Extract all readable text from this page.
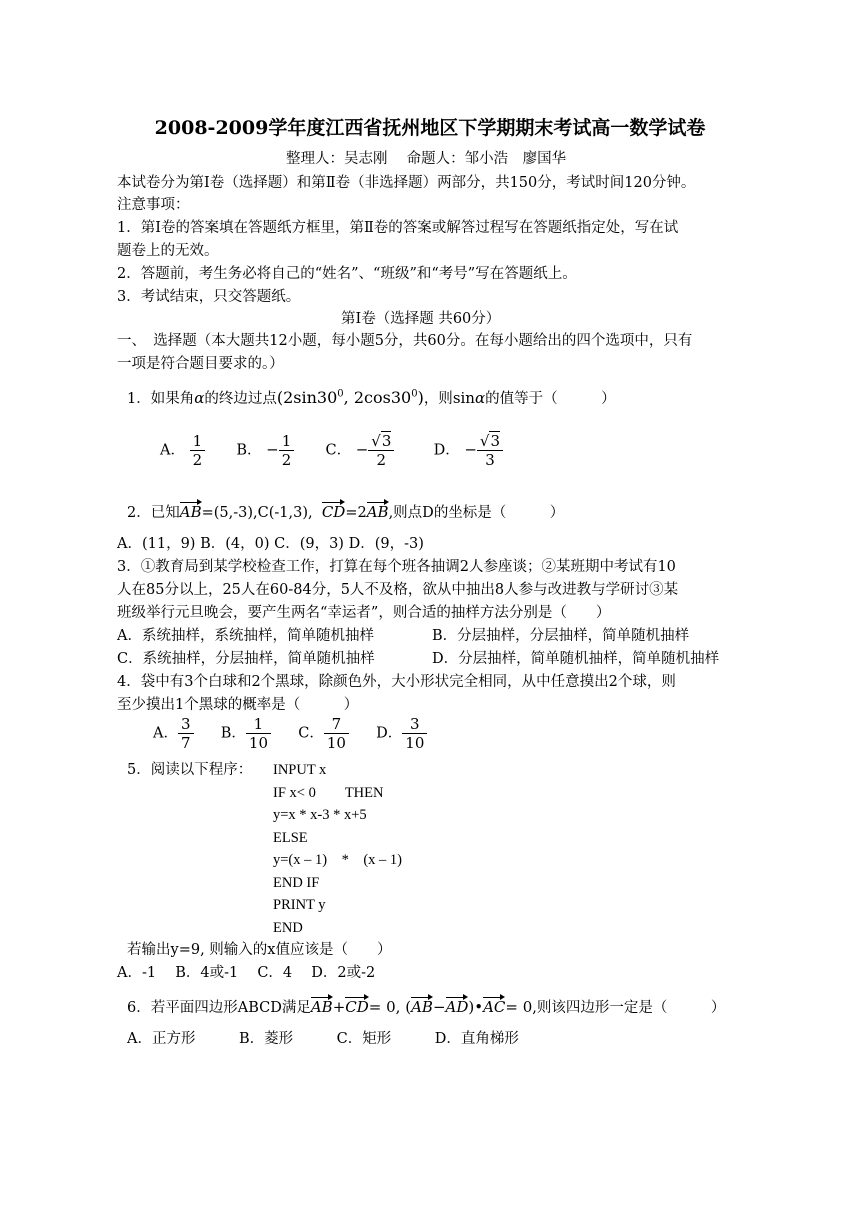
2008-2009学年度江西省抚州地区下学期期末考试高一数学试卷
整理人：吴志刚　 命题人：邹小浩　廖国华
本试卷分为第Ⅰ卷（选择题）和第Ⅱ卷（非选择题）两部分，共150分，考试时间120分钟。
注意事项：
1．第Ⅰ卷的答案填在答题纸方框里，第Ⅱ卷的答案或解答过程写在答题纸指定处，写在试
题卷上的无效。
2．答题前，考生务必将自己的“姓名”、“班级”和“考号”写在答题纸上。
3．考试结束，只交答题纸。
第Ⅰ卷（选择题 共60分）
一、　选择题（本大题共12小题，每小题5分，共60分。在每小题给出的四个选项中，只有
一项是符合题目要求的。）
1．如果角α的终边过点($2\sin 30^0$, $2\cos 30^0$)，则sinα的值等于（　　　）
A． $\frac{1}{2}$ B． − $\frac{1}{2}$ C． − $\frac{√3}{2}$	D． − $\frac{√3}{3}$
2．已知AB=(5,-3),C(-1,3), CD=2AB,则点D的坐标是（　　　）
A．(11，9) B．(4，0) C．(9，3) D．(9，-3)
3．①教育局到某学校检查工作，打算在每个班各抽调2人参座谈；②某班期中考试有10
人在85分以上，25人在60-84分，5人不及格，欲从中抽出8人参与改进教与学研讨③某
班级举行元旦晚会，要产生两名“幸运者”，则合适的抽样方法分别是（　　）
A．系统抽样，系统抽样，简单随机抽样	B．分层抽样，分层抽样，简单随机抽样
C．系统抽样，分层抽样，简单随机抽样	D．分层抽样，简单随机抽样，简单随机抽样
4．袋中有3个白球和2个黑球，除颜色外，大小形状完全相同，从中任意摸出2个球，则
至少摸出1个黑球的概率是（　　　）
A． $\frac{3}{7}$ B． $\frac{1}{10}$ C． $\frac{7}{10}$ D． $\frac{3}{10}$
5．阅读以下程序： INPUT x
IF x< 0　　THEN
y=x * x-3 * x+5
ELSE
y=(x – 1)　*　(x – 1)
END IF
PRINT y
END
若输出y=9, 则输入的x值应该是（　　）
A．-1　 B．4或-1　 C．4　 D．2或-2
6．若平面四边形ABCD满足AB+CD= 0, (AB−AD)•AC= 0,则该四边形一定是（　　　）
A．正方形　　　B．菱形　　　C．矩形　　　D．直角梯形
